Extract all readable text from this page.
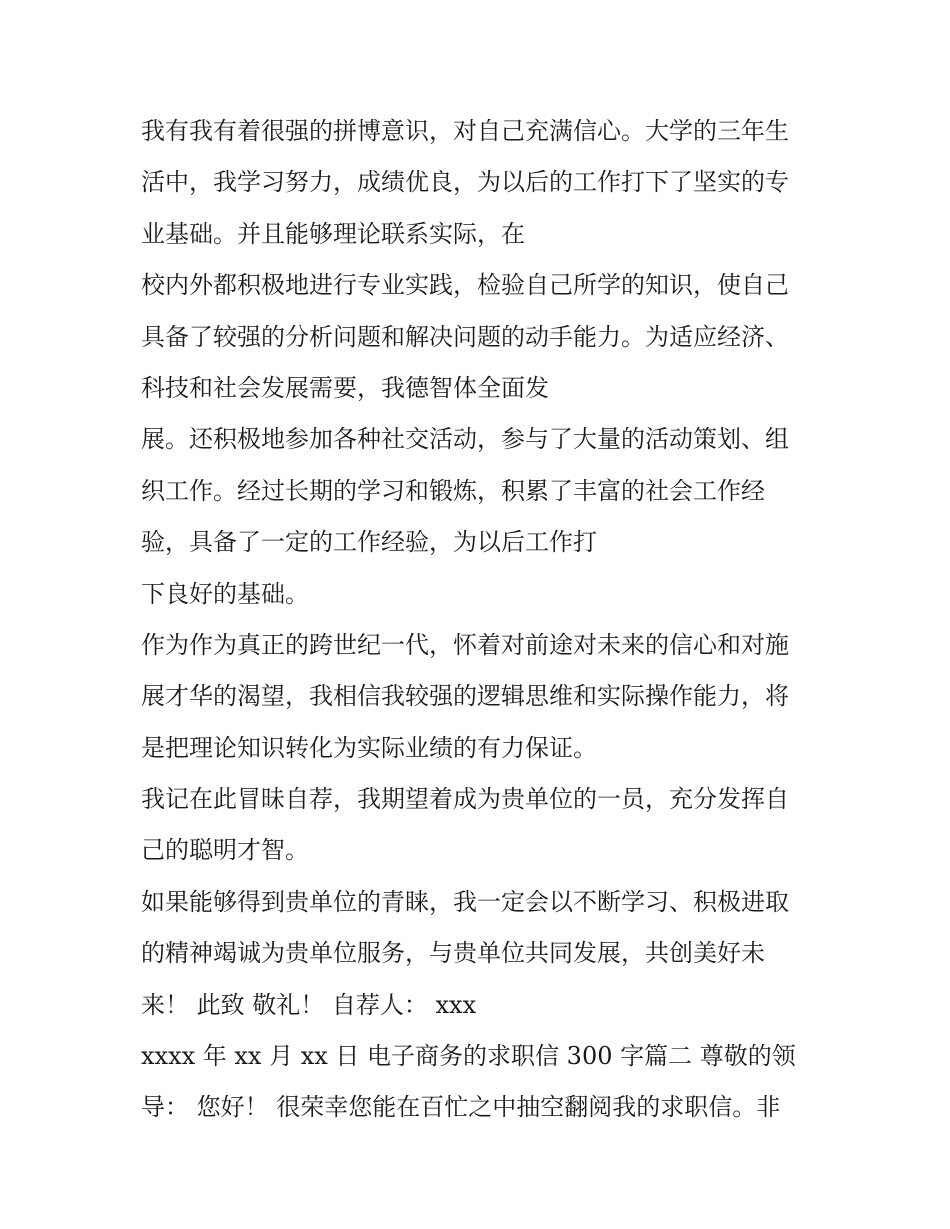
我有我有着很强的拼博意识，对自己充满信心。大学的三年生
活中，我学习努力，成绩优良，为以后的工作打下了坚实的专
业基础。并且能够理论联系实际，在
校内外都积极地进行专业实践，检验自己所学的知识，使自己
具备了较强的分析问题和解决问题的动手能力。为适应经济、
科技和社会发展需要，我德智体全面发
展。还积极地参加各种社交活动，参与了大量的活动策划、组
织工作。经过长期的学习和锻炼，积累了丰富的社会工作经
验，具备了一定的工作经验，为以后工作打
下良好的基础。
作为作为真正的跨世纪一代，怀着对前途对未来的信心和对施
展才华的渴望，我相信我较强的逻辑思维和实际操作能力，将
是把理论知识转化为实际业绩的有力保证。
我记在此冒昧自荐，我期望着成为贵单位的一员，充分发挥自
己的聪明才智。
如果能够得到贵单位的青睐，我一定会以不断学习、积极进取
的精神竭诚为贵单位服务，与贵单位共同发展，共创美好未
来！ 此致 敬礼！ 自荐人： xxx
xxxx 年 xx 月 xx 日 电子商务的求职信 300 字篇二 尊敬的领
导： 您好！ 很荣幸您能在百忙之中抽空翻阅我的求职信。非
